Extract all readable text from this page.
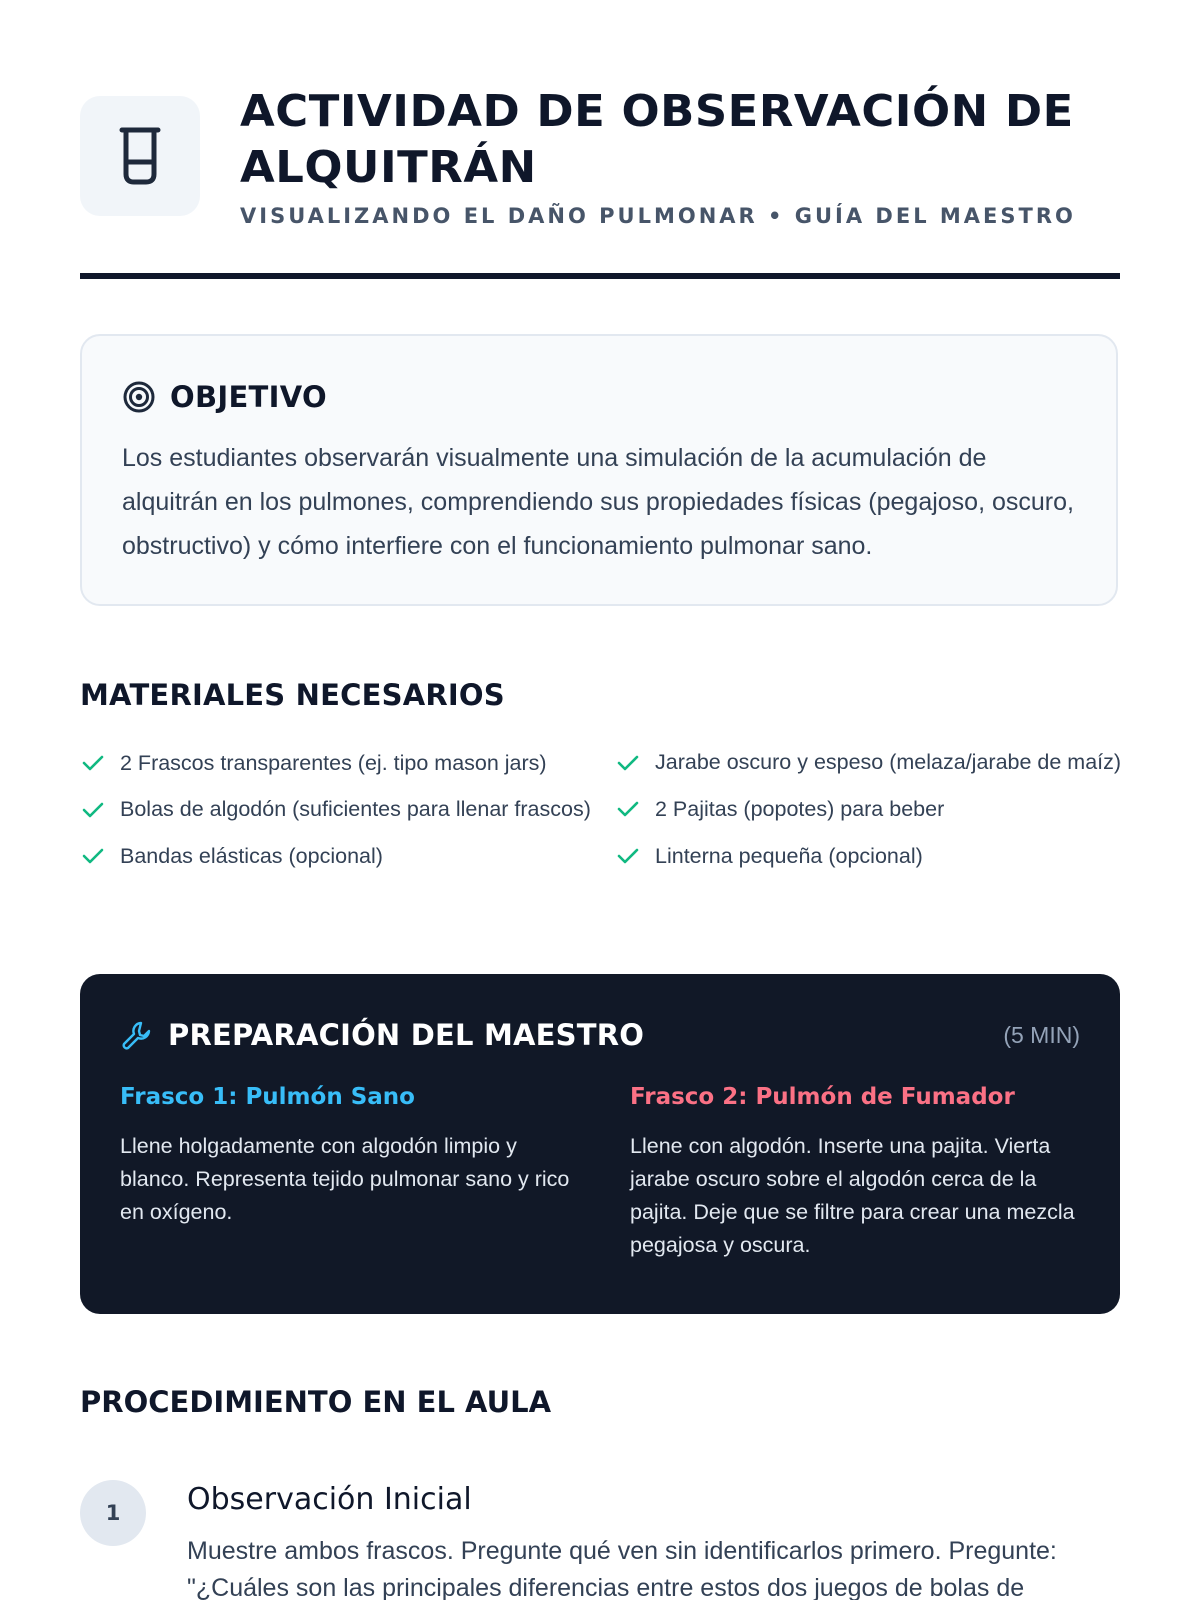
ACTIVIDAD DE OBSERVACIÓN DE ALQUITRÁN
VISUALIZANDO EL DAÑO PULMONAR • GUÍA DEL MAESTRO
OBJETIVO
Los estudiantes observarán visualmente una simulación de la acumulación de alquitrán en los pulmones, comprendiendo sus propiedades físicas (pegajoso, oscuro, obstructivo) y cómo interfiere con el funcionamiento pulmonar sano.
MATERIALES NECESARIOS
2 Frascos transparentes (ej. tipo mason jars)
Bolas de algodón (suficientes para llenar frascos)
Bandas elásticas (opcional)
Jarabe oscuro y espeso (melaza/jarabe de maíz)
2 Pajitas (popotes) para beber
Linterna pequeña (opcional)
PREPARACIÓN DEL MAESTRO	(5 MIN)
Frasco 1: Pulmón Sano
Llene holgadamente con algodón limpio y blanco. Representa tejido pulmonar sano y rico en oxígeno.
Frasco 2: Pulmón de Fumador
Llene con algodón. Inserte una pajita. Vierta jarabe oscuro sobre el algodón cerca de la pajita. Deje que se filtre para crear una mezcla pegajosa y oscura.
PROCEDIMIENTO EN EL AULA
1	Observación Inicial
Muestre ambos frascos. Pregunte qué ven sin identificarlos primero. Pregunte: "¿Cuáles son las principales diferencias entre estos dos juegos de bolas de
